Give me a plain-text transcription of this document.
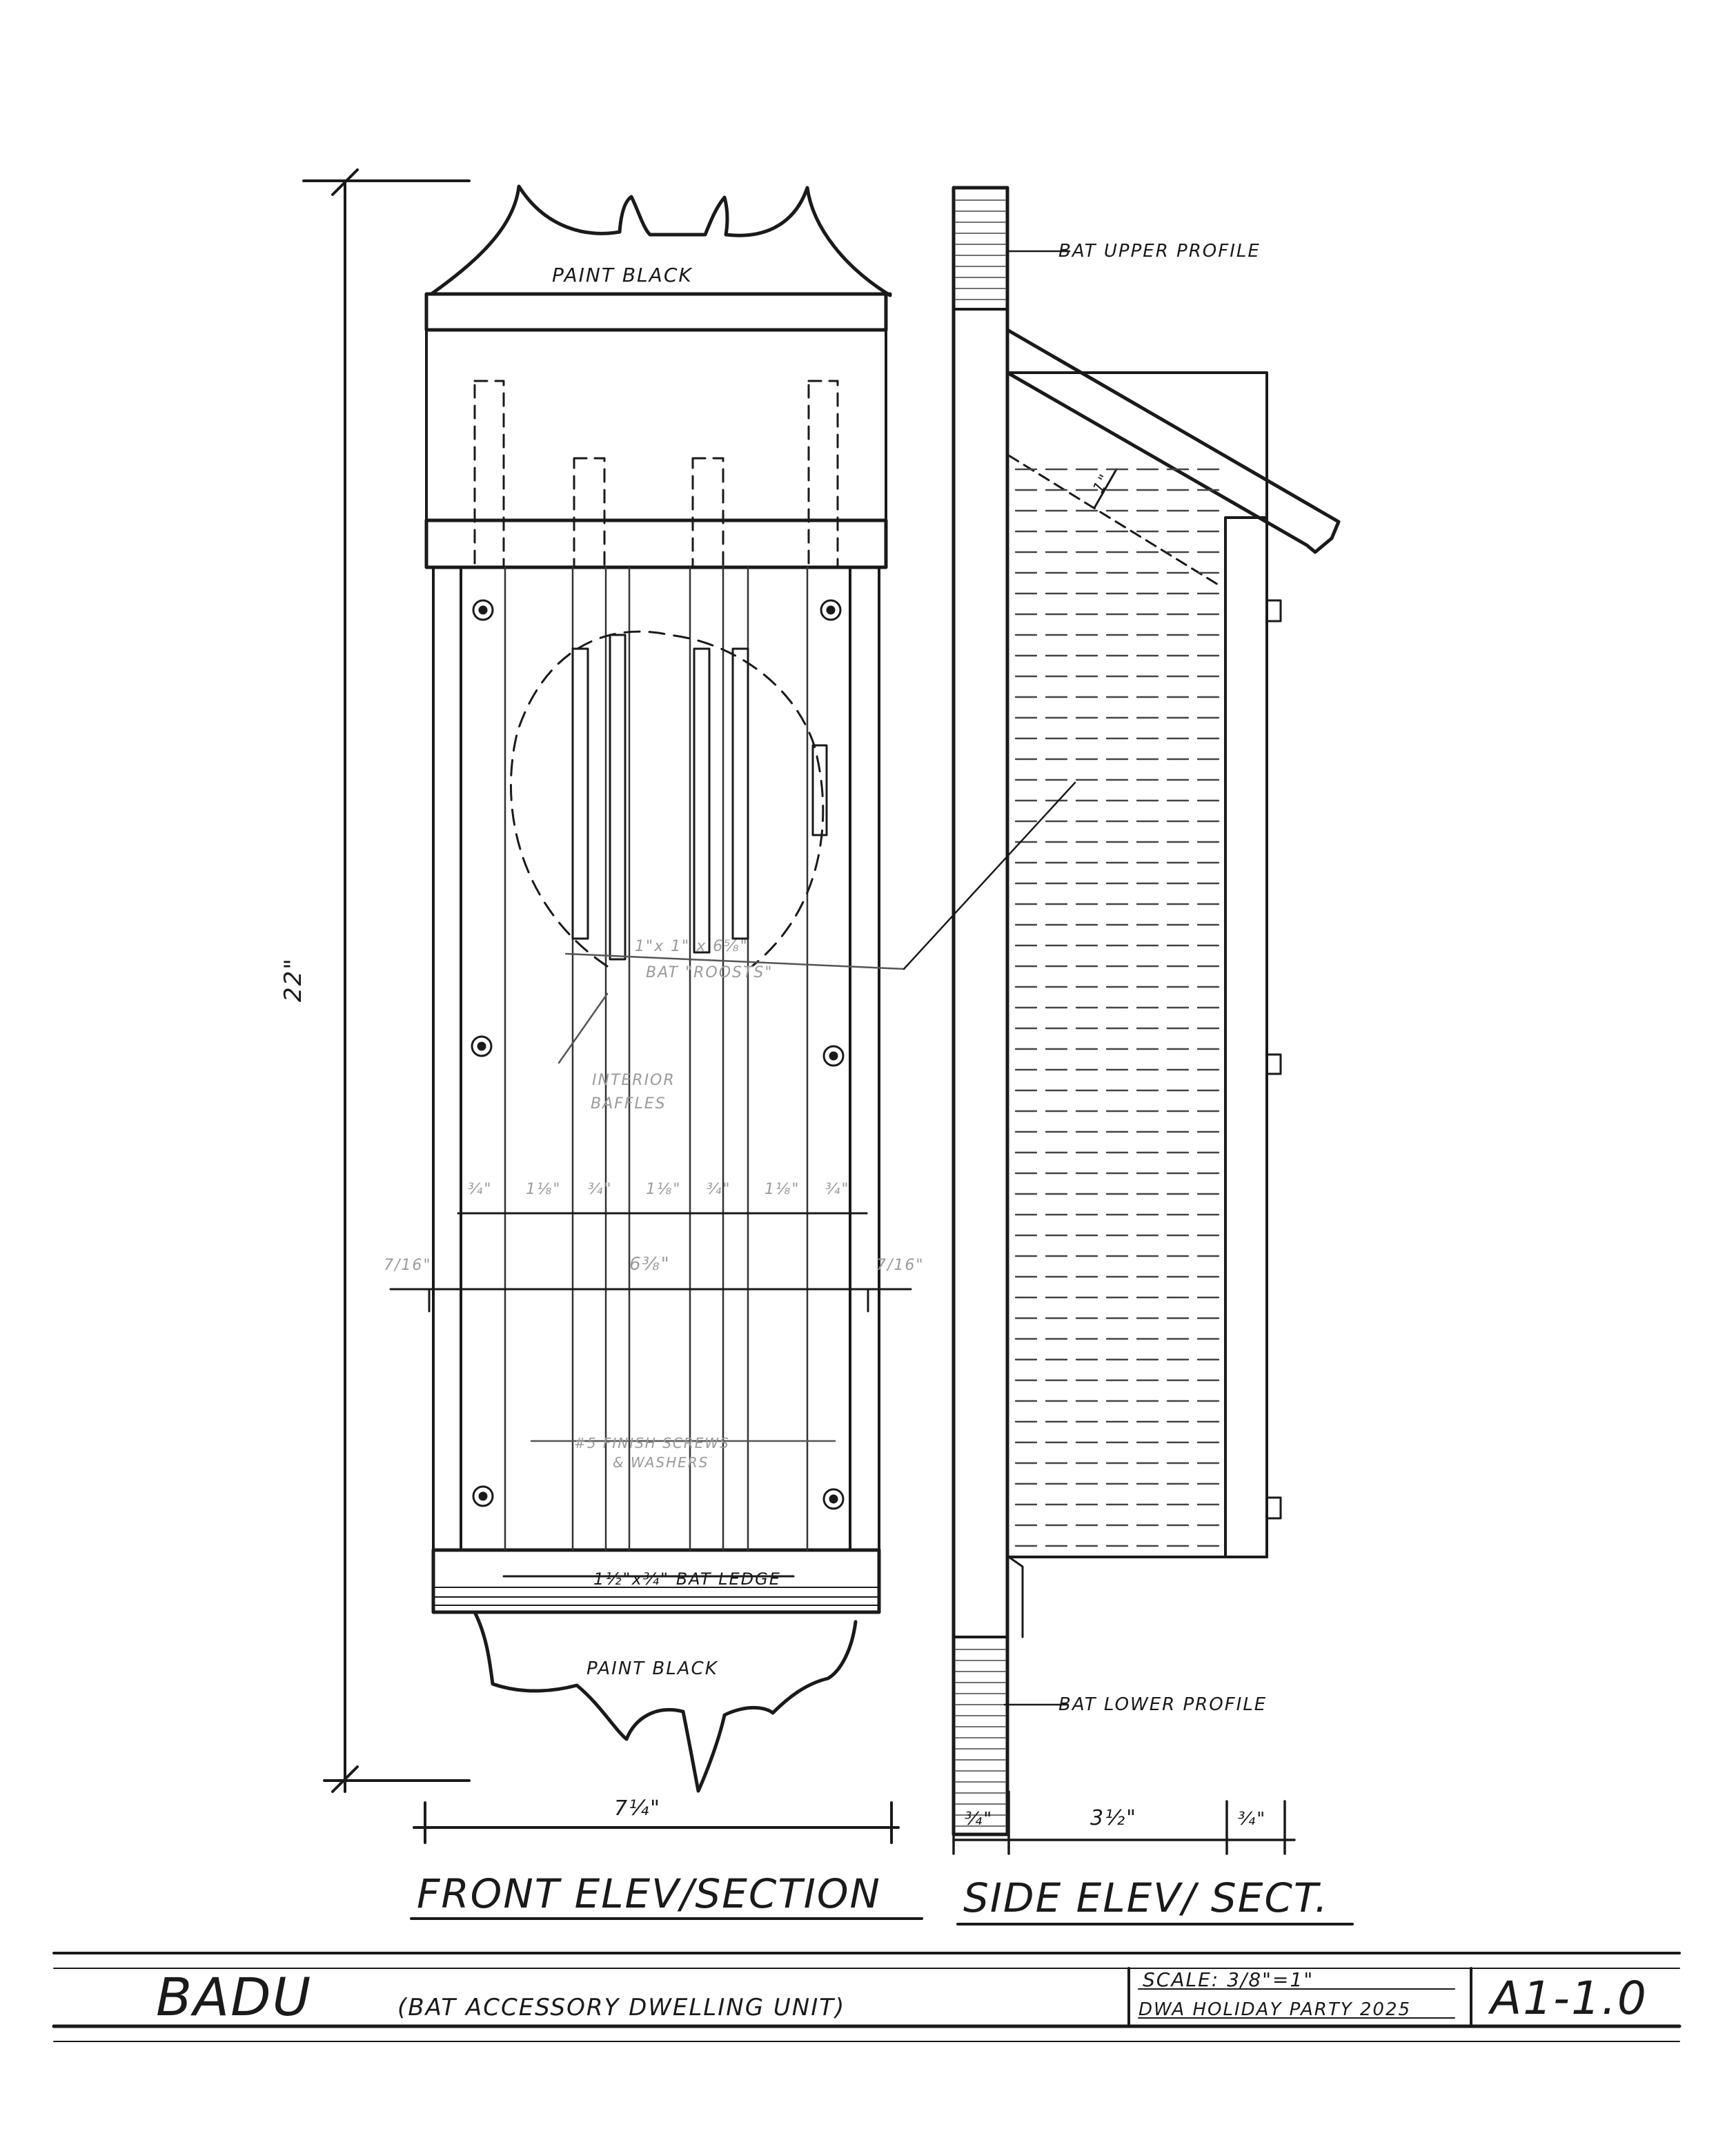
PAINT BLACK
PAINT BLACK
1½"x¾" BAT LEDGE
22"
7¼"
1"x 1" x 6⅝"
BAT "ROOSTS"
INTERIOR
BAFFLES
¾" 1⅛" ¾" 1⅛" ¾" 1⅛" ¾"
6⅜"
7/16"	7/16"
#5 FINISH SCREWS
& WASHERS
BAT UPPER PROFILE
BAT LOWER PROFILE
1"
¾"	3½"	¾"
FRONT ELEV/SECTION SIDE ELEV/ SECT.
BADU	(BAT ACCESSORY DWELLING UNIT)
SCALE: 3/8"=1"
DWA HOLIDAY PARTY 2025 A1-1.0
